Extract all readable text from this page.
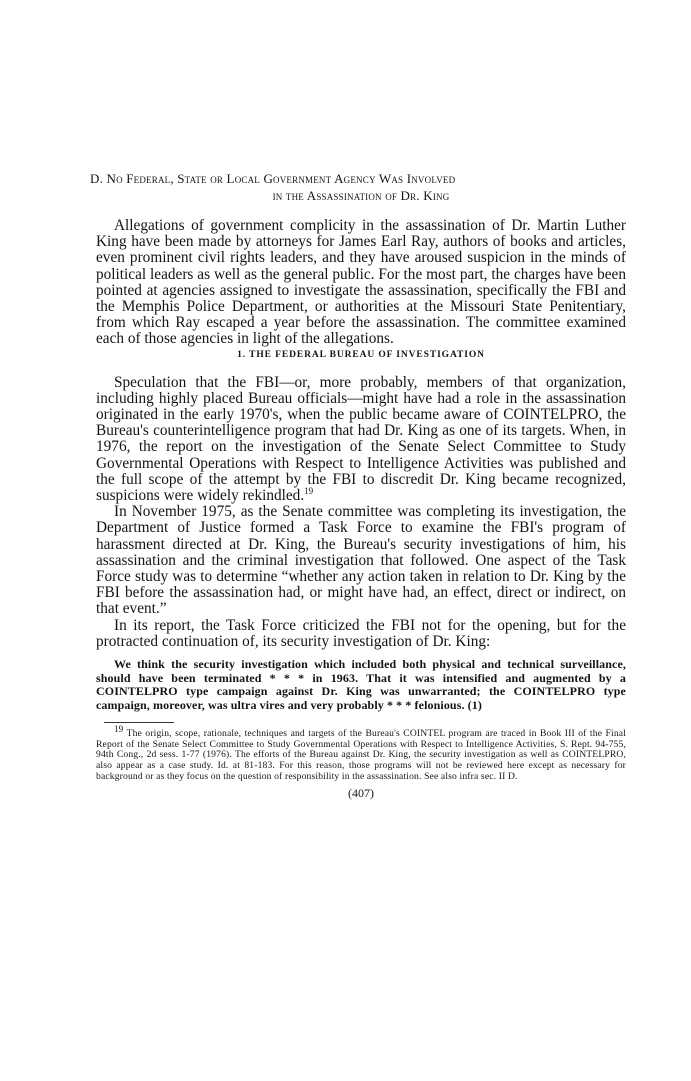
D. No Federal, State or Local Government Agency Was Involved
in the Assassination of Dr. King

Allegations of government complicity in the assassination of Dr. Martin Luther King have been made by attorneys for James Earl Ray, authors of books and articles, even prominent civil rights leaders, and they have aroused suspicion in the minds of political leaders as well as the general public. For the most part, the charges have been pointed at agencies assigned to investigate the assassination, specifically the FBI and the Memphis Police Department, or authorities at the Missouri State Penitentiary, from which Ray escaped a year before the assassination. The committee examined each of those agencies in light of the allegations.

1. THE FEDERAL BUREAU OF INVESTIGATION

Speculation that the FBI—or, more probably, members of that organization, including highly placed Bureau officials—might have had a role in the assassination originated in the early 1970's, when the public became aware of COINTELPRO, the Bureau's counterintelligence program that had Dr. King as one of its targets. When, in 1976, the report on the investigation of the Senate Select Committee to Study Governmental Operations with Respect to Intelligence Activities was published and the full scope of the attempt by the FBI to discredit Dr. King became recognized, suspicions were widely rekindled.$^{19}$

In November 1975, as the Senate committee was completing its investigation, the Department of Justice formed a Task Force to examine the FBI's program of harassment directed at Dr. King, the Bureau's security investigations of him, his assassination and the criminal investigation that followed. One aspect of the Task Force study was to determine “whether any action taken in relation to Dr. King by the FBI before the assassination had, or might have had, an effect, direct or indirect, on that event.”

In its report, the Task Force criticized the FBI not for the opening, but for the protracted continuation of, its security investigation of Dr. King:

We think the security investigation which included both physical and technical surveillance, should have been terminated * * * in 1963. That it was intensified and augmented by a COINTELPRO type campaign against Dr. King was unwarranted; the COINTELPRO type campaign, moreover, was ultra vires and very probably * * * felonious. (1)

19 The origin, scope, rationale, techniques and targets of the Bureau's COINTEL program are traced in Book III of the Final Report of the Senate Select Committee to Study Governmental Operations with Respect to Intelligence Activities, S. Rept. 94-755, 94th Cong., 2d sess. 1-77 (1976). The efforts of the Bureau against Dr. King, the security investigation as well as COINTELPRO, also appear as a case study. Id. at 81-183. For this reason, those programs will not be reviewed here except as necessary for background or as they focus on the question of responsibility in the assassination. See also infra sec. II D.

(407)
